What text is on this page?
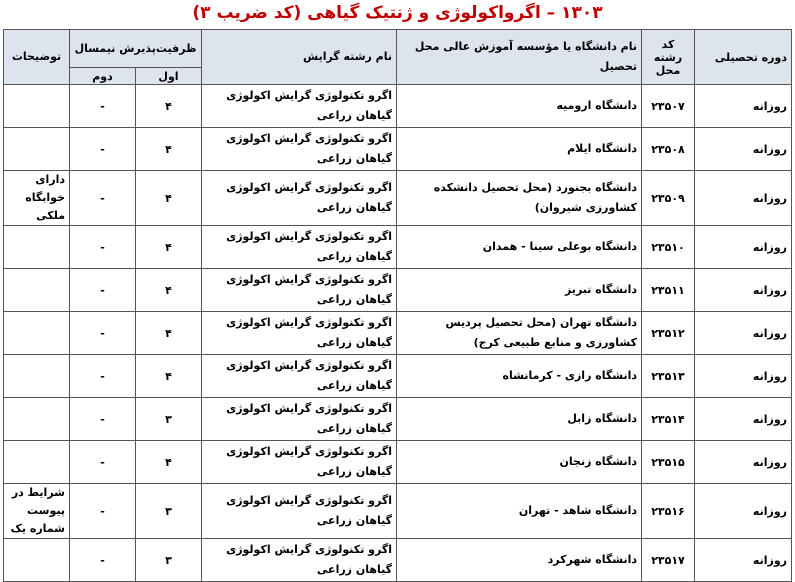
۱۳۰۳ – اگرواکولوژی و ژنتیک گیاهی (کد ضریب ۳)
دوره تحصیلی	کد رشته محل	نام دانشگاه یا مؤسسه آموزش عالی محل تحصیل	نام رشته گرایش	ظرفیت‌پذیرش نیمسال		توضیحات
				اول	دوم	
روزانه	۲۳۵۰۷	دانشگاه ارومیه	اگرو تکنولوژی گرایش اکولوژی گیاهان زراعی	۴	-	
روزانه	۲۳۵۰۸	دانشگاه ایلام	اگرو تکنولوژی گرایش اکولوژی گیاهان زراعی	۴	-	
روزانه	۲۳۵۰۹	دانشگاه بجنورد (محل تحصیل دانشکده کشاورزی شیروان)	اگرو تکنولوژی گرایش اکولوژی گیاهان زراعی	۴	-	دارای خوابگاه ملکی
روزانه	۲۳۵۱۰	دانشگاه بوعلی سینا - همدان	اگرو تکنولوژی گرایش اکولوژی گیاهان زراعی	۴	-	
روزانه	۲۳۵۱۱	دانشگاه تبریز	اگرو تکنولوژی گرایش اکولوژی گیاهان زراعی	۴	-	
روزانه	۲۳۵۱۲	دانشگاه تهران (محل تحصیل پردیس کشاورزی و منابع طبیعی کرج)	اگرو تکنولوژی گرایش اکولوژی گیاهان زراعی	۴	-	
روزانه	۲۳۵۱۳	دانشگاه رازی - کرمانشاه	اگرو تکنولوژی گرایش اکولوژی گیاهان زراعی	۴	-	
روزانه	۲۳۵۱۴	دانشگاه زابل	اگرو تکنولوژی گرایش اکولوژی گیاهان زراعی	۳	-	
روزانه	۲۳۵۱۵	دانشگاه زنجان	اگرو تکنولوژی گرایش اکولوژی گیاهان زراعی	۴	-	
روزانه	۲۳۵۱۶	دانشگاه شاهد - تهران	اگرو تکنولوژی گرایش اکولوژی گیاهان زراعی	۳	-	شرایط در پیوست شماره یک
روزانه	۲۳۵۱۷	دانشگاه شهرکرد	اگرو تکنولوژی گرایش اکولوژی گیاهان زراعی	۳	-	
